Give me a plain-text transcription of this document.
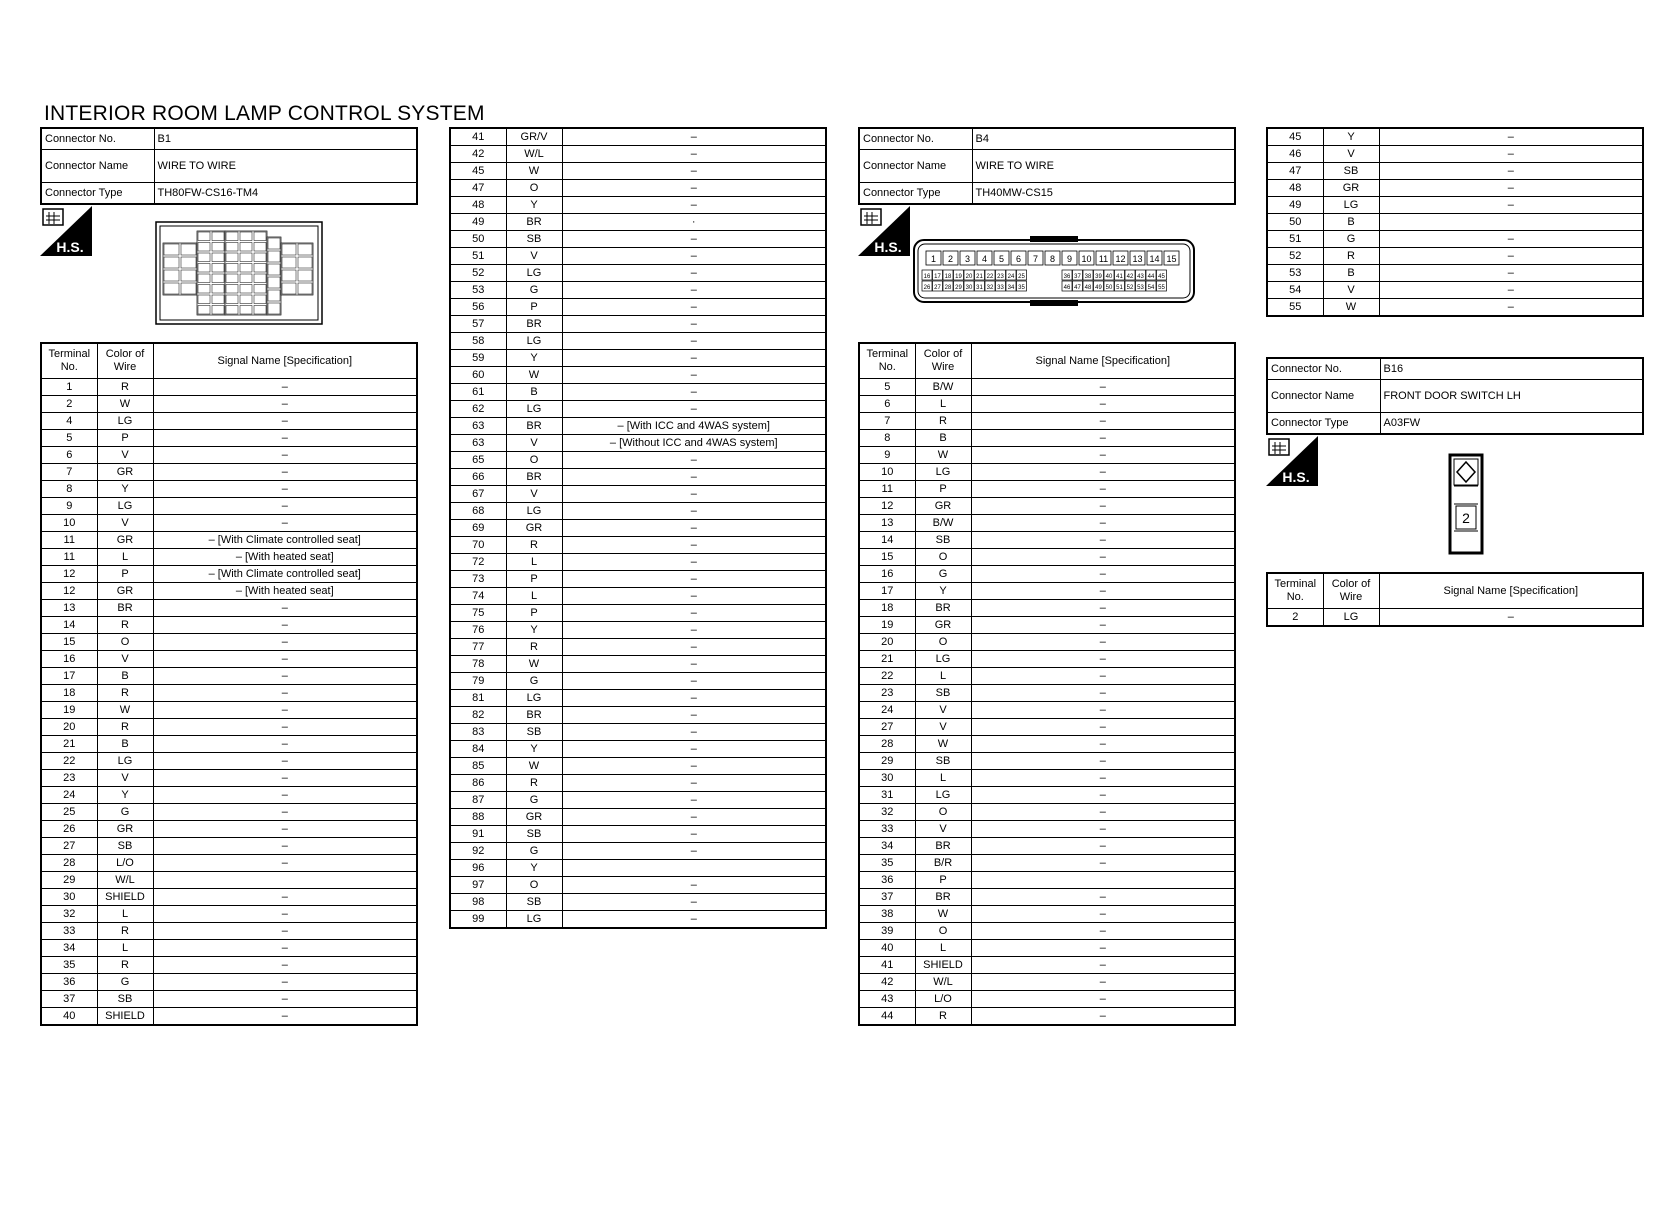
INTERIOR ROOM LAMP CONTROL SYSTEM
Connector No.	B1
Connector Name	WIRE TO WIRE
Connector Type	TH80FW-CS16-TM4
H.S.
Terminal No.	Color of Wire	Signal Name [Specification]
1	R	–
2	W	–
4	LG	–
5	P	–
6	V	–
7	GR	–
8	Y	–
9	LG	–
10	V	–
11	GR	– [With Climate controlled seat]
11	L	– [With heated seat]
12	P	– [With Climate controlled seat]
12	GR	– [With heated seat]
13	BR	–
14	R	–
15	O	–
16	V	–
17	B	–
18	R	–
19	W	–
20	R	–
21	B	–
22	LG	–
23	V	–
24	Y	–
25	G	–
26	GR	–
27	SB	–
28	L/O	–
29	W/L	
30	SHIELD	–
32	L	–
33	R	–
34	L	–
35	R	–
36	G	–
37	SB	–
40	SHIELD	–
41	GR/V	–
42	W/L	–
45	W	–
47	O	–
48	Y	–
49	BR	·
50	SB	–
51	V	–
52	LG	–
53	G	–
56	P	–
57	BR	–
58	LG	–
59	Y	–
60	W	–
61	B	–
62	LG	–
63	BR	– [With ICC and 4WAS system]
63	V	– [Without ICC and 4WAS system]
65	O	–
66	BR	–
67	V	–
68	LG	–
69	GR	–
70	R	–
72	L	–
73	P	–
74	L	–
75	P	–
76	Y	–
77	R	–
78	W	–
79	G	–
81	LG	–
82	BR	–
83	SB	–
84	Y	–
85	W	–
86	R	–
87	G	–
88	GR	–
91	SB	–
92	G	–
96	Y	
97	O	–
98	SB	–
99	LG	–
Connector No.	B4
Connector Name	WIRE TO WIRE
Connector Type	TH40MW-CS15
H.S.
1 2 3 4 5 6 7 8 9 10 11 12 13 14 15
16 17 18 19 20 21 22 23 24 25
26 27 28 29 30 31 32 33 34 35
36 37 38 39 40 41 42 43 44 45
46 47 48 49 50 51 52 53 54 55
Terminal No.	Color of Wire	Signal Name [Specification]
5	B/W	–
6	L	–
7	R	–
8	B	–
9	W	–
10	LG	–
11	P	–
12	GR	–
13	B/W	–
14	SB	–
15	O	–
16	G	–
17	Y	–
18	BR	–
19	GR	–
20	O	–
21	LG	–
22	L	–
23	SB	–
24	V	–
27	V	–
28	W	–
29	SB	–
30	L	–
31	LG	–
32	O	–
33	V	–
34	BR	–
35	B/R	–
36	P	
37	BR	–
38	W	–
39	O	–
40	L	–
41	SHIELD	–
42	W/L	–
43	L/O	–
44	R	–
45	Y	–
46	V	–
47	SB	–
48	GR	–
49	LG	–
50	B	
51	G	–
52	R	–
53	B	–
54	V	–
55	W	–
Connector No.	B16
Connector Name	FRONT DOOR SWITCH LH
Connector Type	A03FW
H.S.
2
Terminal No.	Color of Wire	Signal Name [Specification]
2	LG	–
